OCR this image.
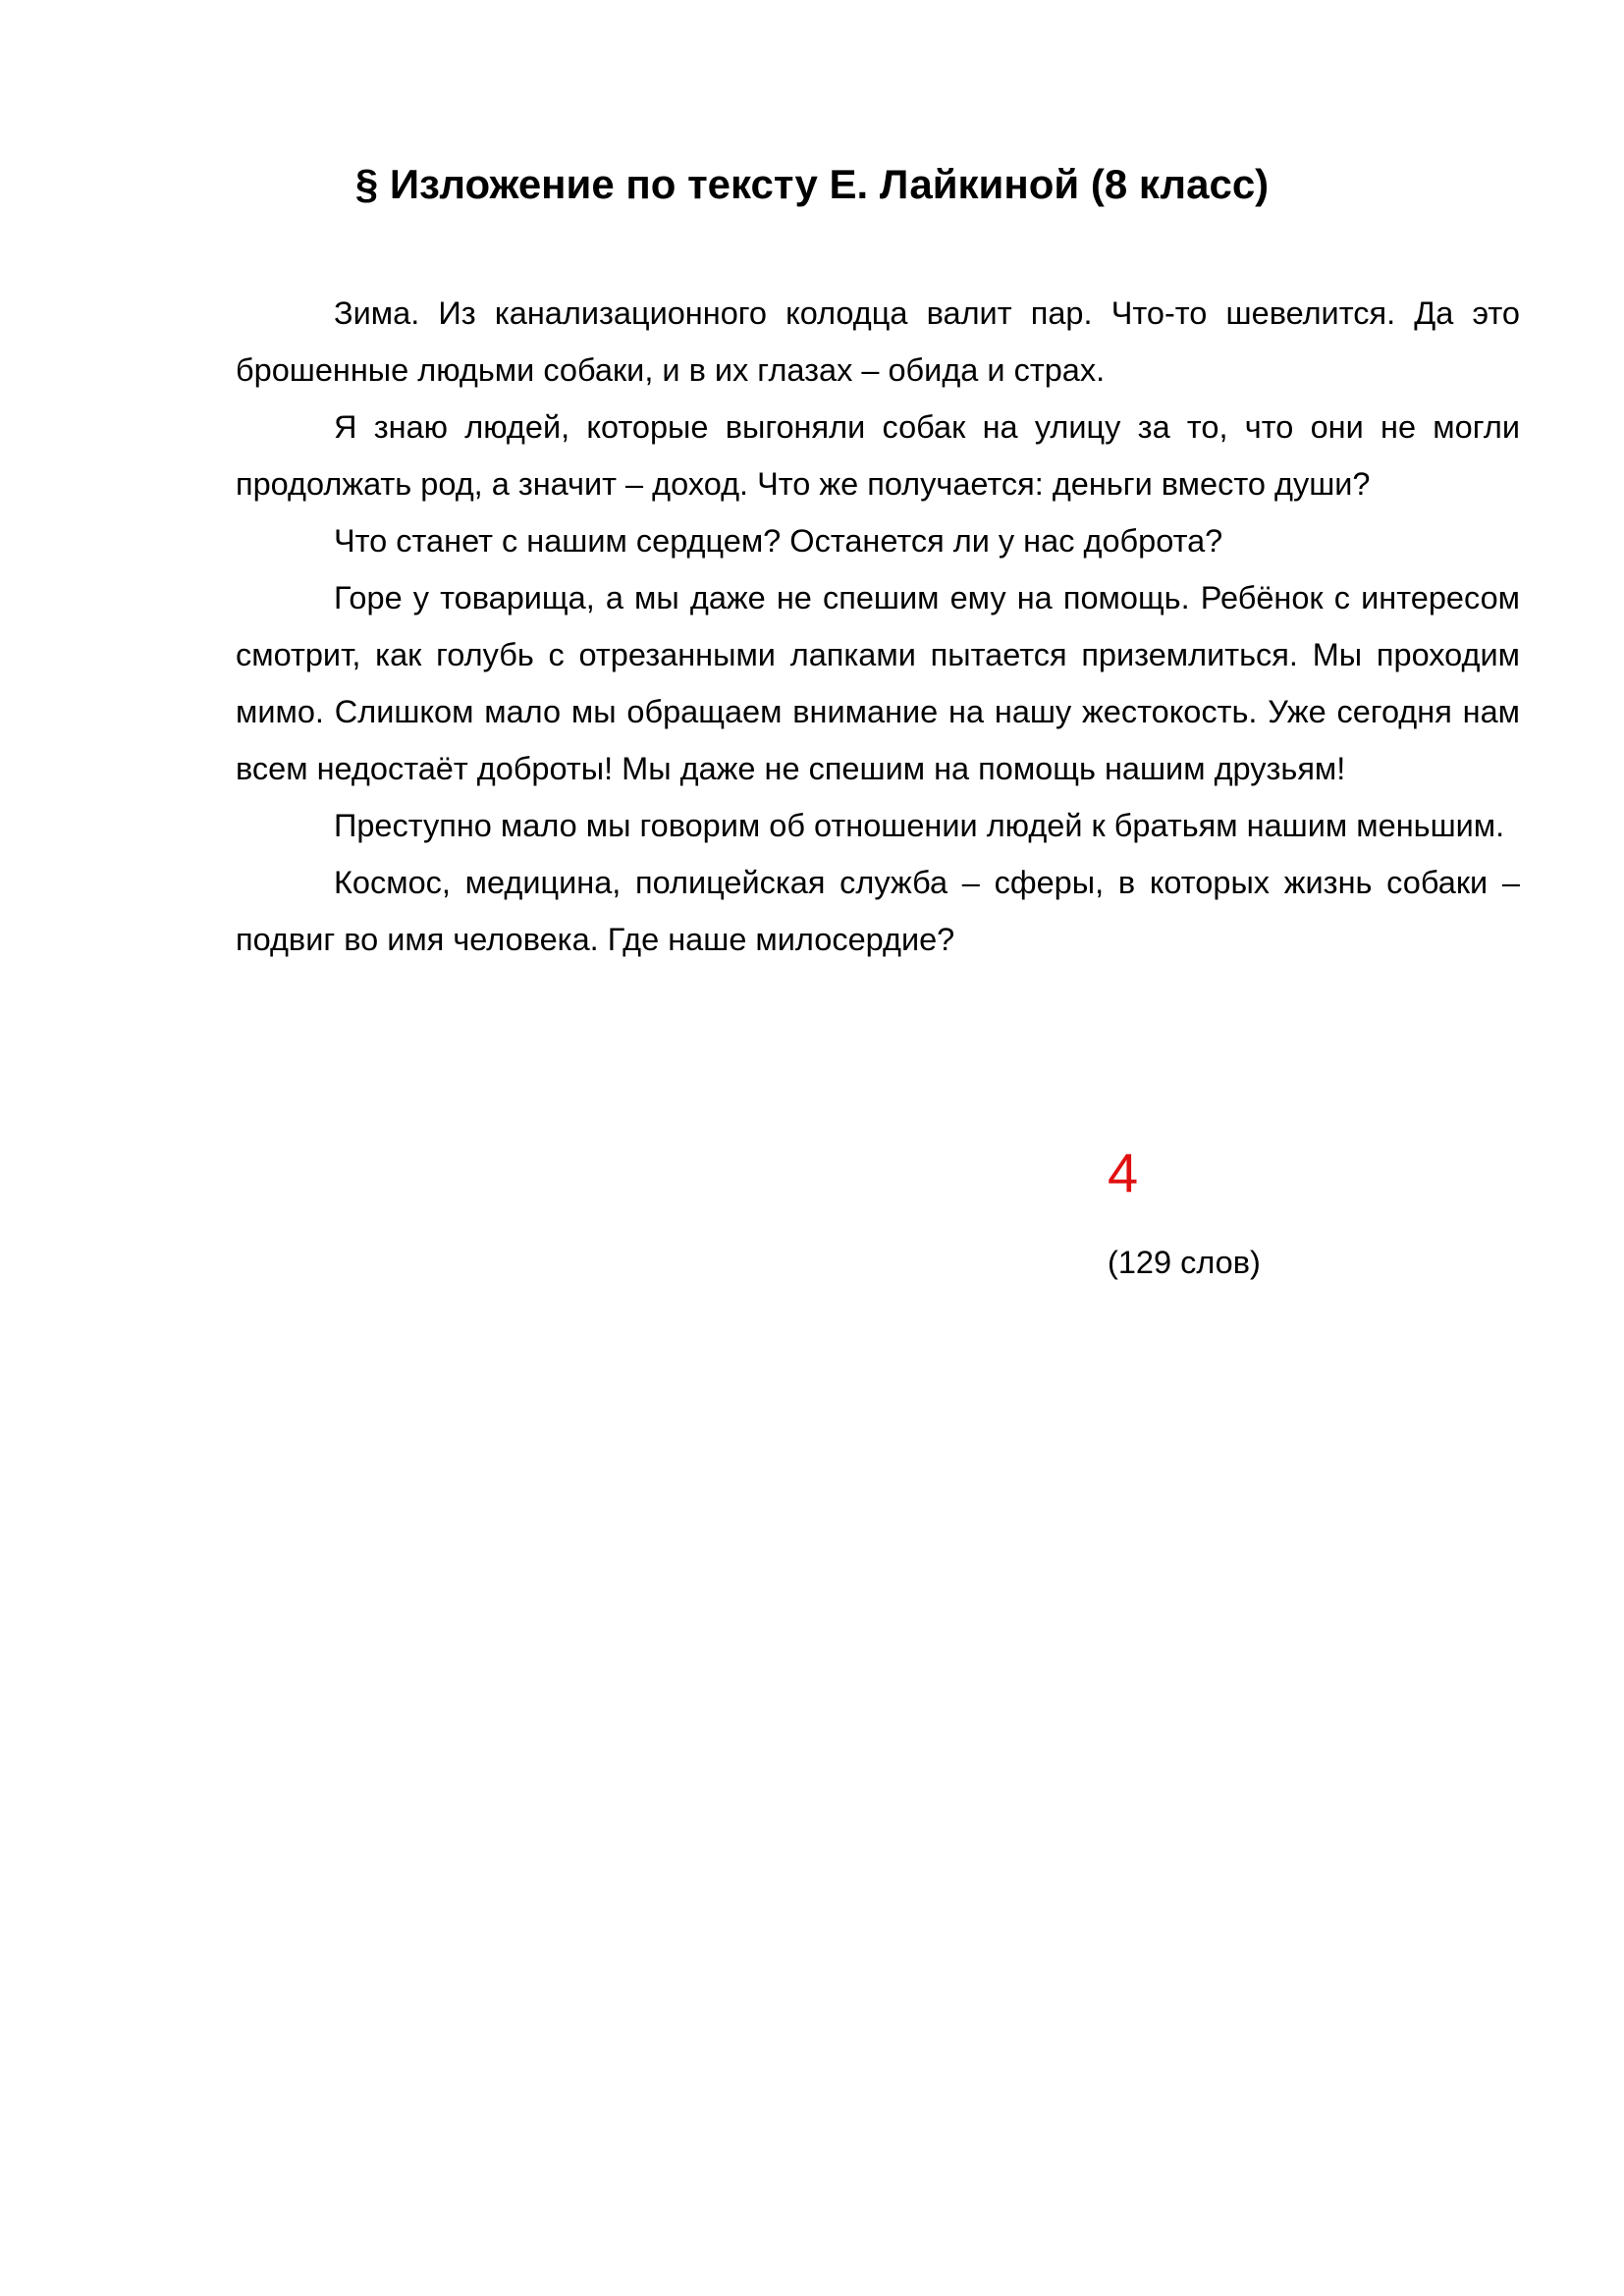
§ Изложение по тексту Е. Лайкиной (8 класс)

Зима. Из канализационного колодца валит пар. Что-то шевелится. Да это брошенные людьми собаки, и в их глазах – обида и страх.

Я знаю людей, которые выгоняли собак на улицу за то, что они не могли продолжать род, а значит – доход. Что же получается: деньги вместо души?

Что станет с нашим сердцем? Останется ли у нас доброта?

Горе у товарища, а мы даже не спешим ему на помощь. Ребёнок с интересом смотрит, как голубь с отрезанными лапками пытается приземлиться. Мы проходим мимо. Слишком мало мы обращаем внимание на нашу жестокость. Уже сегодня нам всем недостаёт доброты! Мы даже не спешим на помощь нашим друзьям!

Преступно мало мы говорим об отношении людей к братьям нашим меньшим.

Космос, медицина, полицейская служба – сферы, в которых жизнь собаки – подвиг во имя человека. Где наше милосердие?

4
(129 слов)
